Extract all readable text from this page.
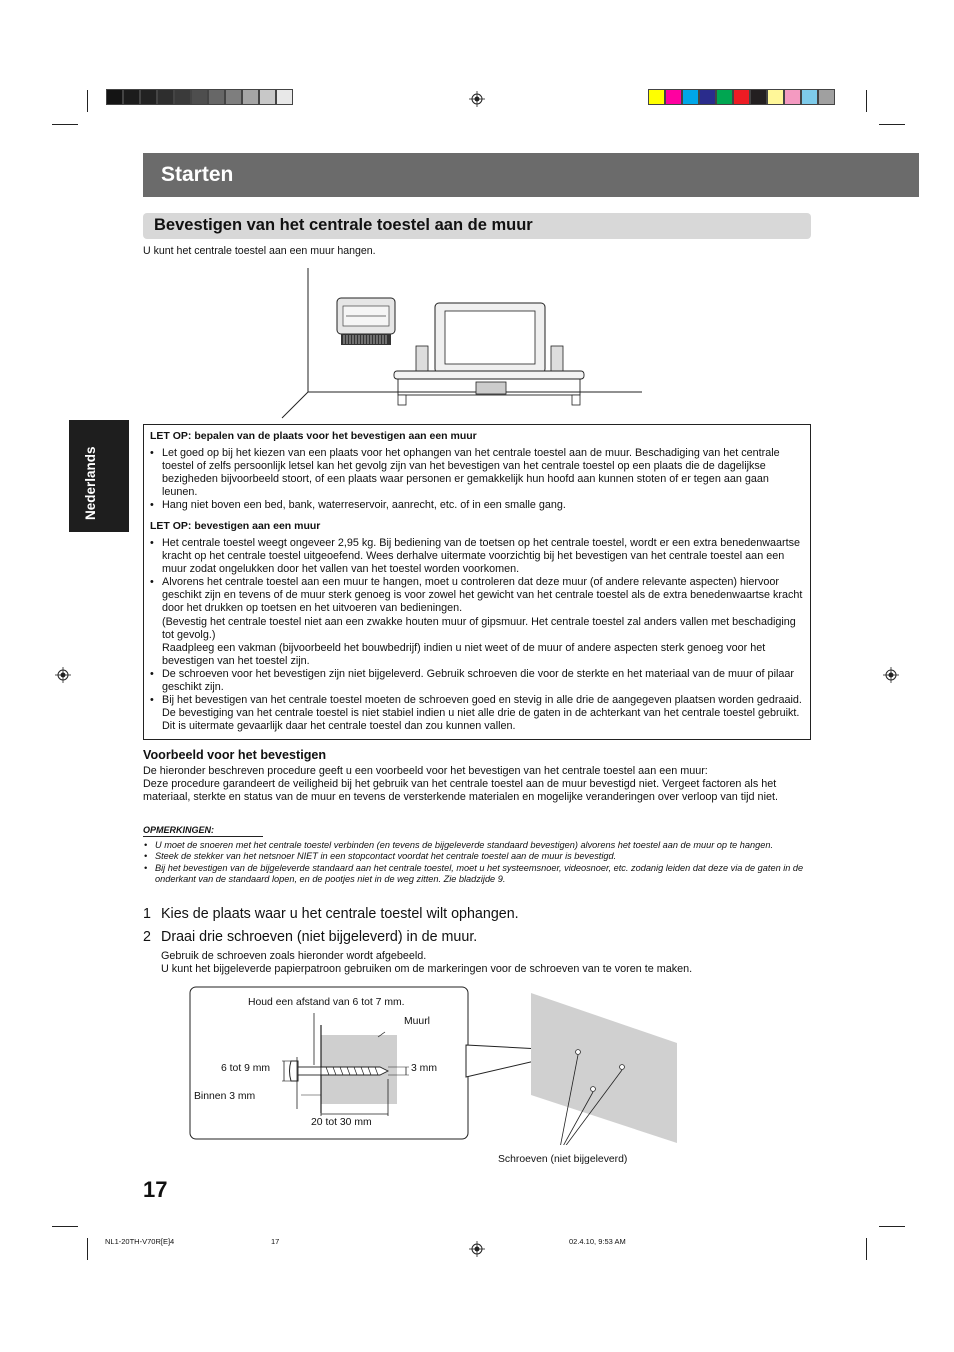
Starten
Bevestigen van het centrale toestel aan de muur
U kunt het centrale toestel aan een muur hangen.
Nederlands
LET OP: bepalen van de plaats voor het bevestigen aan een muur
• Let goed op bij het kiezen van een plaats voor het ophangen van het centrale toestel aan de muur. Beschadiging van het centrale toestel of zelfs persoonlijk letsel kan het gevolg zijn van het bevestigen van het centrale toestel op een plaats die de dagelijkse bezigheden bijvoorbeeld stoort, of een plaats waar personen er gemakkelijk hun hoofd aan kunnen stoten of er tegen aan gaan leunen.
• Hang niet boven een bed, bank, waterreservoir, aanrecht, etc. of in een smalle gang.
LET OP: bevestigen aan een muur
• Het centrale toestel weegt ongeveer 2,95 kg. Bij bediening van de toetsen op het centrale toestel, wordt er een extra benedenwaartse kracht op het centrale toestel uitgeoefend. Wees derhalve uitermate voorzichtig bij het bevestigen van het centrale toestel aan een muur zodat ongelukken door het vallen van het toestel worden voorkomen.
• Alvorens het centrale toestel aan een muur te hangen, moet u controleren dat deze muur (of andere relevante aspecten) hiervoor geschikt zijn en tevens of de muur sterk genoeg is voor zowel het gewicht van het centrale toestel als de extra benedenwaartse kracht door het drukken op toetsen en het uitvoeren van bedieningen.
(Bevestig het centrale toestel niet aan een zwakke houten muur of gipsmuur. Het centrale toestel zal anders vallen met beschadiging tot gevolg.)
Raadpleeg een vakman (bijvoorbeeld het bouwbedrijf) indien u niet weet of de muur of andere aspecten sterk genoeg voor het bevestigen van het toestel zijn.
• De schroeven voor het bevestigen zijn niet bijgeleverd. Gebruik schroeven die voor de sterkte en het materiaal van de muur of pilaar geschikt zijn.
• Bij het bevestigen van het centrale toestel moeten de schroeven goed en stevig in alle drie de aangegeven plaatsen worden gedraaid. De bevestiging van het centrale toestel is niet stabiel indien u niet alle drie de gaten in de achterkant van het centrale toestel gebruikt. Dit is uitermate gevaarlijk daar het centrale toestel dan zou kunnen vallen.
Voorbeeld voor het bevestigen
De hieronder beschreven procedure geeft u een voorbeeld voor het bevestigen van het centrale toestel aan een muur:
Deze procedure garandeert de veiligheid bij het gebruik van het centrale toestel aan de muur bevestigd niet. Vergeet factoren als het materiaal, sterkte en status van de muur en tevens de versterkende materialen en mogelijke veranderingen over verloop van tijd niet.
OPMERKINGEN:
• U moet de snoeren met het centrale toestel verbinden (en tevens de bijgeleverde standaard bevestigen) alvorens het toestel aan de muur op te hangen.
• Steek de stekker van het netsnoer NIET in een stopcontact voordat het centrale toestel aan de muur is bevestigd.
• Bij het bevestigen van de bijgeleverde standaard aan het centrale toestel, moet u het systeemsnoer, videosnoer, etc. zodanig leiden dat deze via de gaten in de onderkant van de standaard lopen, en de pootjes niet in de weg zitten. Zie bladzijde 9.
1 Kies de plaats waar u het centrale toestel wilt ophangen.
2 Draai drie schroeven (niet bijgeleverd) in de muur.
Gebruik de schroeven zoals hieronder wordt afgebeeld.
U kunt het bijgeleverde papierpatroon gebruiken om de markeringen voor de schroeven van te voren te maken.
Houd een afstand van 6 tot 7 mm.
Muurl
6 tot 9 mm	3 mm
Binnen 3 mm
20 tot 30 mm
Schroeven (niet bijgeleverd)
17
NL1-20TH-V70R[E]4	17	02.4.10, 9:53 AM
